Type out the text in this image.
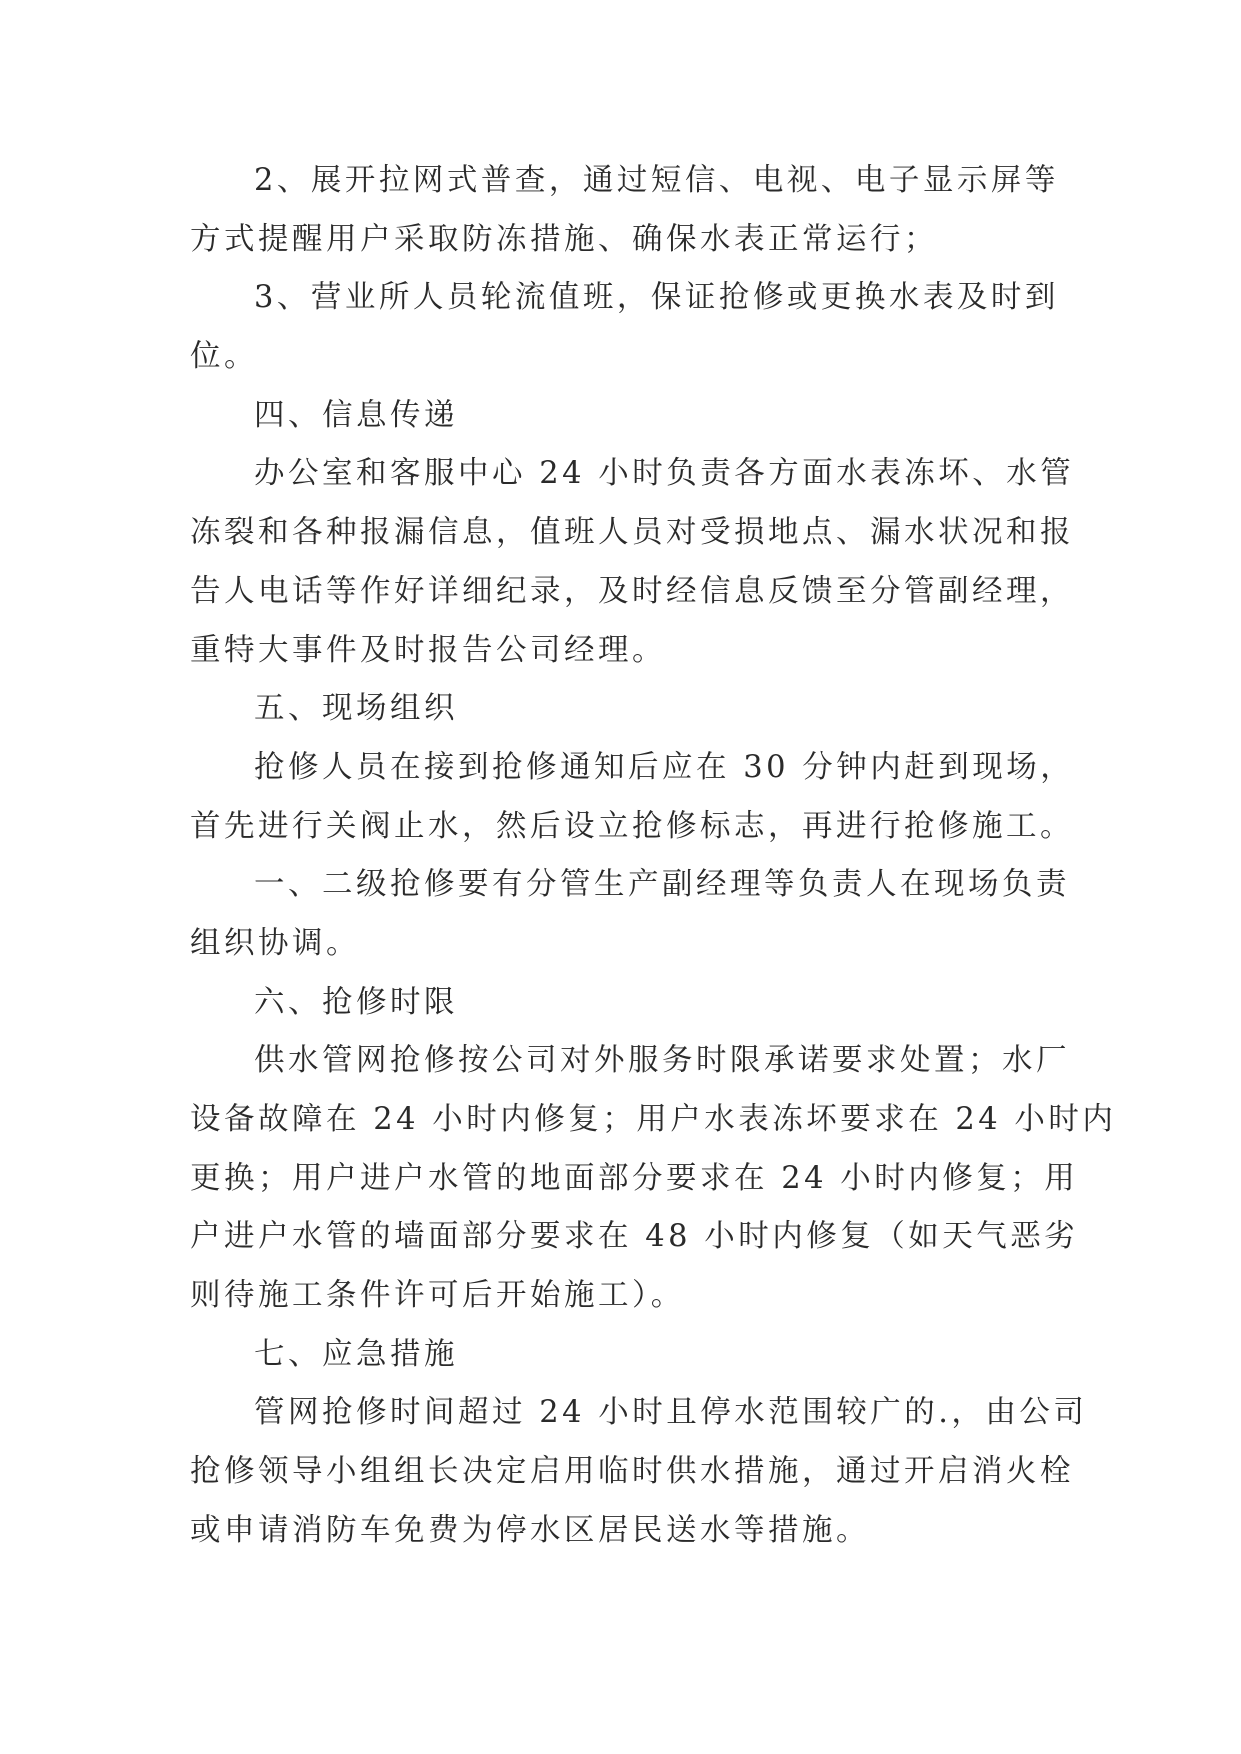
2、展开拉网式普查，通过短信、电视、电子显示屏等
方式提醒用户采取防冻措施、确保水表正常运行；
3、营业所人员轮流值班，保证抢修或更换水表及时到
位。
四、信息传递
办公室和客服中心 24 小时负责各方面水表冻坏、水管
冻裂和各种报漏信息，值班人员对受损地点、漏水状况和报
告人电话等作好详细纪录，及时经信息反馈至分管副经理，
重特大事件及时报告公司经理。
五、现场组织
抢修人员在接到抢修通知后应在 30 分钟内赶到现场，
首先进行关阀止水，然后设立抢修标志，再进行抢修施工。
一、二级抢修要有分管生产副经理等负责人在现场负责
组织协调。
六、抢修时限
供水管网抢修按公司对外服务时限承诺要求处置；水厂
设备故障在 24 小时内修复；用户水表冻坏要求在 24 小时内
更换；用户进户水管的地面部分要求在 24 小时内修复；用
户进户水管的墙面部分要求在 48 小时内修复（如天气恶劣
则待施工条件许可后开始施工）。
七、应急措施
管网抢修时间超过 24 小时且停水范围较广的.，由公司
抢修领导小组组长决定启用临时供水措施，通过开启消火栓
或申请消防车免费为停水区居民送水等措施。
